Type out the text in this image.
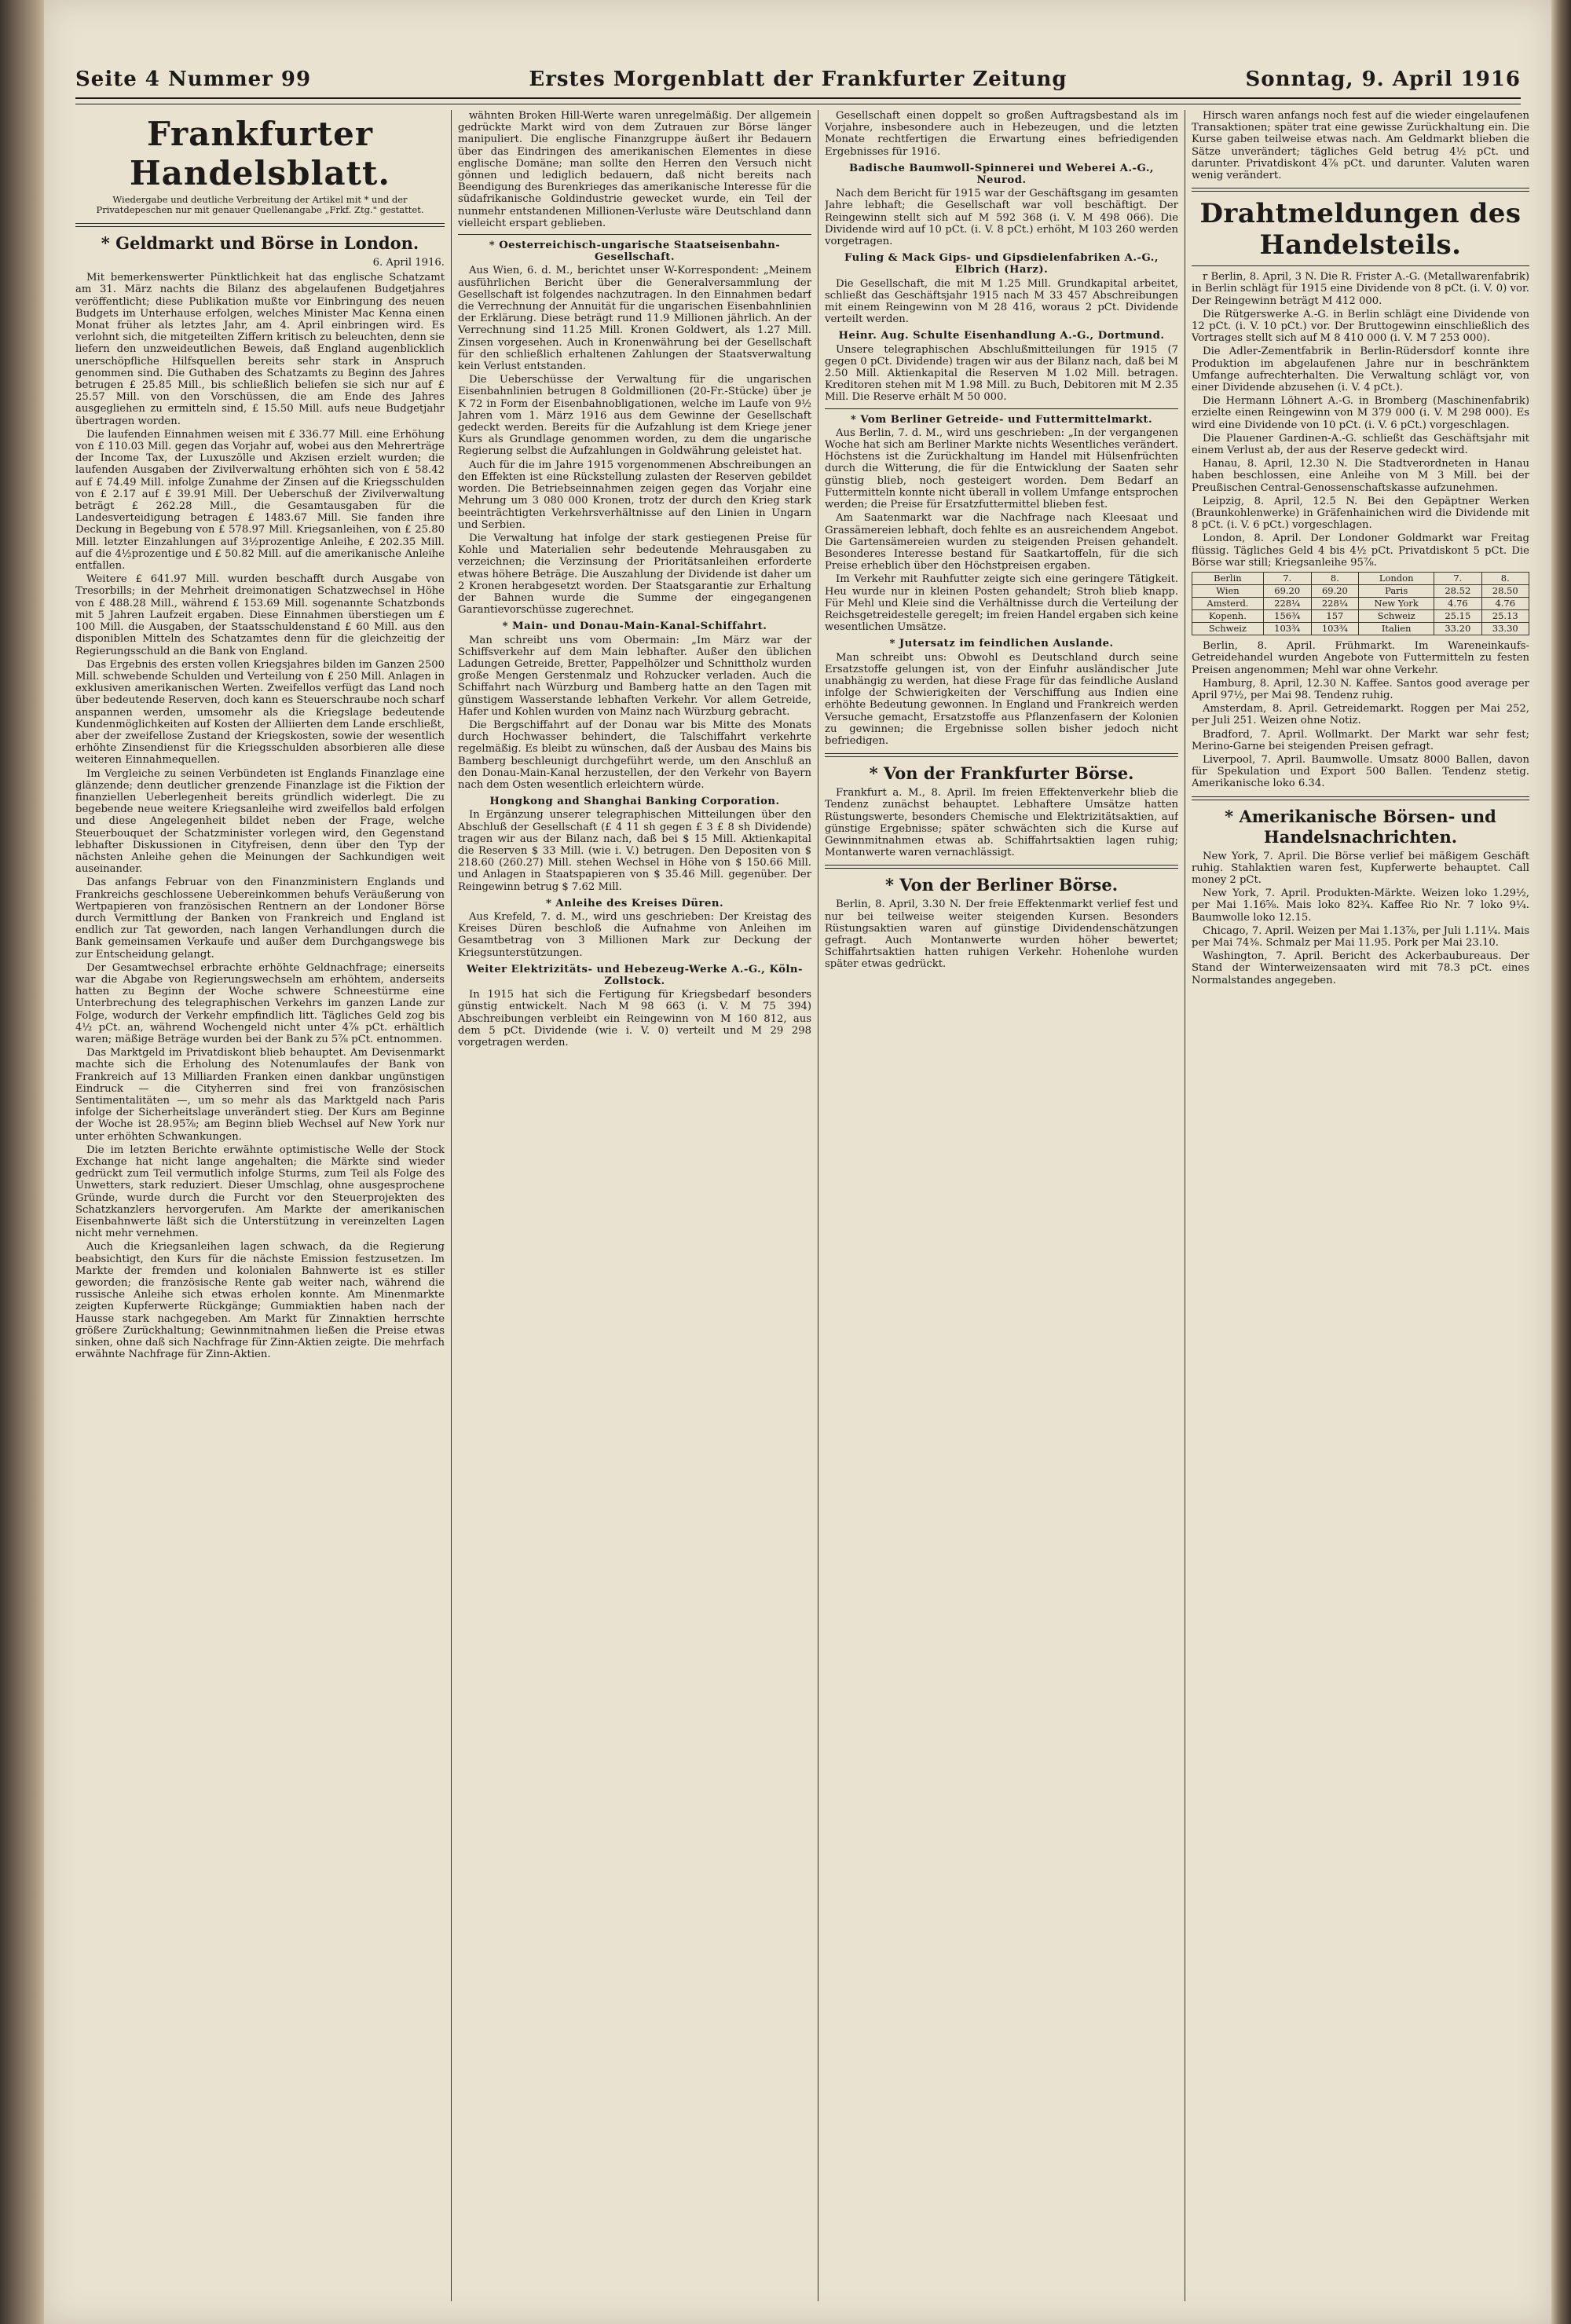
Seite 4 Nummer 99	Erstes Morgenblatt der Frankfurter Zeitung	Sonntag, 9. April 1916
Frankfurter Handelsblatt.
Wiedergabe und deutliche Verbreitung der Artikel mit * und der Privatdepeschen nur mit genauer Quellenangabe „Frkf. Ztg." gestattet.
* Geldmarkt und Börse in London.
6. April 1916.

Mit bemerkenswerter Pünktlichkeit hat das englische Schatzamt am 31. März nachts die Bilanz des abgelaufenen Budgetjahres veröffentlicht; diese Publikation mußte vor Einbringung des neuen Budgets im Unterhause erfolgen, welches Minister Mac Kenna einen Monat früher als letztes Jahr, am 4. April einbringen wird. Es verlohnt sich, die mitgeteilten Ziffern kritisch zu beleuchten, denn sie liefern den unzweideutlichen Beweis, daß England augenblicklich unerschöpfliche Hilfsquellen bereits sehr stark in Anspruch genommen sind. Die Guthaben des Schatzamts zu Beginn des Jahres betrugen £ 25.85 Mill., bis schließlich beliefen sie sich nur auf £ 25.57 Mill. von den Vorschüssen, die am Ende des Jahres ausgegliehen zu ermitteln sind, £ 15.50 Mill. aufs neue Budgetjahr übertragen worden.

Die laufenden Einnahmen weisen mit £ 336.77 Mill. eine Erhöhung von £ 110.03 Mill. gegen das Vorjahr auf, wobei aus den Mehrerträge der Income Tax, der Luxuszölle und Akzisen erzielt wurden; die laufenden Ausgaben der Zivilverwaltung erhöhten sich von £ 58.42 auf £ 74.49 Mill. infolge Zunahme der Zinsen auf die Kriegsschulden von £ 2.17 auf £ 39.91 Mill. Der Ueberschuß der Zivilverwaltung beträgt £ 262.28 Mill., die Gesamtausgaben für die Landesverteidigung betragen £ 1483.67 Mill. Sie fanden ihre Deckung in Begebung von £ 578.97 Mill. Kriegsanleihen, von £ 25.80 Mill. letzter Einzahlungen auf 3½prozentige Anleihe, £ 202.35 Mill. auf die 4½prozentige und £ 50.82 Mill. auf die amerikanische Anleihe entfallen.

Weitere £ 641.97 Mill. wurden beschafft durch Ausgabe von Tresorbills; in der Mehrheit dreimonatigen Schatzwechsel in Höhe von £ 488.28 Mill., während £ 153.69 Mill. sogenannte Schatzbonds mit 5 Jahren Laufzeit ergaben. Diese Einnahmen überstiegen um £ 100 Mill. die Ausgaben, der Staatsschuldenstand £ 60 Mill. aus den disponiblen Mitteln des Schatzamtes denn für die gleichzeitig der Regierungsschuld an die Bank von England.

Das Ergebnis des ersten vollen Kriegsjahres bilden im Ganzen 2500 Mill. schwebende Schulden und Verteilung von £ 250 Mill. Anlagen in exklusiven amerikanischen Werten. Zweifellos verfügt das Land noch über bedeutende Reserven, doch kann es Steuerschraube noch scharf anspannen werden, umsomehr als die Kriegslage bedeutende Kundenmöglichkeiten auf Kosten der Alliierten dem Lande erschließt, aber der zweifellose Zustand der Kriegskosten, sowie der wesentlich erhöhte Zinsendienst für die Kriegsschulden absorbieren alle diese weiteren Einnahmequellen.

Im Vergleiche zu seinen Verbündeten ist Englands Finanzlage eine glänzende; denn deutlicher grenzende Finanzlage ist die Fiktion der finanziellen Ueberlegenheit bereits gründlich widerlegt. Die zu begebende neue weitere Kriegsanleihe wird zweifellos bald erfolgen und diese Angelegenheit bildet neben der Frage, welche Steuerbouquet der Schatzminister vorlegen wird, den Gegenstand lebhafter Diskussionen in Cityfreisen, denn über den Typ der nächsten Anleihe gehen die Meinungen der Sachkundigen weit auseinander.

Das anfangs Februar von den Finanzministern Englands und Frankreichs geschlossene Uebereinkommen behufs Veräußerung von Wertpapieren von französischen Rentnern an der Londoner Börse durch Vermittlung der Banken von Frankreich und England ist endlich zur Tat geworden, nach langen Verhandlungen durch die Bank gemeinsamen Verkaufe und außer dem Durchgangswege bis zur Entscheidung gelangt.

Der Gesamtwechsel erbrachte erhöhte Geldnachfrage; einerseits war die Abgabe von Regierungswechseln am erhöhtem, anderseits hatten zu Beginn der Woche schwere Schneestürme eine Unterbrechung des telegraphischen Verkehrs im ganzen Lande zur Folge, wodurch der Verkehr empfindlich litt. Tägliches Geld zog bis 4½ pCt. an, während Wochengeld nicht unter 4⅞ pCt. erhältlich waren; mäßige Beträge wurden bei der Bank zu 5⅞ pCt. entnommen.

Das Marktgeld im Privatdiskont blieb behauptet. Am Devisenmarkt machte sich die Erholung des Notenumlaufes der Bank von Frankreich auf 13 Milliarden Franken einen dankbar ungünstigen Eindruck — die Cityherren sind frei von französischen Sentimentalitäten —, um so mehr als das Marktgeld nach Paris infolge der Sicherheitslage unverändert stieg. Der Kurs am Beginne der Woche ist 28.95⅞; am Beginn blieb Wechsel auf New York nur unter erhöhten Schwankungen.

Die im letzten Berichte erwähnte optimistische Welle der Stock Exchange hat nicht lange angehalten; die Märkte sind wieder gedrückt zum Teil vermutlich infolge Sturms, zum Teil als Folge des Unwetters, stark reduziert. Dieser Umschlag, ohne ausgesprochene Gründe, wurde durch die Furcht vor den Steuerprojekten des Schatzkanzlers hervorgerufen. Am Markte der amerikanischen Eisenbahnwerte läßt sich die Unterstützung in vereinzelten Lagen nicht mehr vernehmen.

Auch die Kriegsanleihen lagen schwach, da die Regierung beabsichtigt, den Kurs für die nächste Emission festzusetzen. Im Markte der fremden und kolonialen Bahnwerte ist es stiller geworden; die französische Rente gab weiter nach, während die russische Anleihe sich etwas erholen konnte. Am Minenmarkte zeigten Kupferwerte Rückgänge; Gummiaktien haben nach der Hausse stark nachgegeben. Am Markt für Zinnaktien herrschte größere Zurückhaltung; Gewinnmitnahmen ließen die Preise etwas sinken, ohne daß sich Nachfrage für Zinn-Aktien zeigte. Die mehrfach erwähnte Nachfrage für Zinn-Aktien.

wähnten Broken Hill-Werte waren unregelmäßig. Der allgemein gedrückte Markt wird von dem Zutrauen zur Börse länger manipuliert. Die englische Finanzgruppe äußert ihr Bedauern über das Eindringen des amerikanischen Elementes in diese englische Domäne; man sollte den Herren den Versuch nicht gönnen und lediglich bedauern, daß nicht bereits nach Beendigung des Burenkrieges das amerikanische Interesse für die südafrikanische Goldindustrie gewecket wurde, ein Teil der nunmehr entstandenen Millionen-Verluste wäre Deutschland dann vielleicht erspart geblieben.

* Oesterreichisch-ungarische Staatseisenbahn-Gesellschaft.

Aus Wien, 6. d. M., berichtet unser W-Korrespondent: „Meinem ausführlichen Bericht über die Generalversammlung der Gesellschaft ist folgendes nachzutragen. In den Einnahmen bedarf die Verrechnung der Annuität für die ungarischen Eisenbahnlinien der Erklärung. Diese beträgt rund 11.9 Millionen jährlich. An der Verrechnung sind 11.25 Mill. Kronen Goldwert, als 1.27 Mill. Zinsen vorgesehen. Auch in Kronenwährung bei der Gesellschaft für den schließlich erhaltenen Zahlungen der Staatsverwaltung kein Verlust entstanden.

Die Ueberschüsse der Verwaltung für die ungarischen Eisenbahnlinien betrugen 8 Goldmillionen (20-Fr.-Stücke) über je K 72 in Form der Eisenbahnobligationen, welche im Laufe von 9½ Jahren vom 1. März 1916 aus dem Gewinne der Gesellschaft gedeckt werden. Bereits für die Aufzahlung ist dem Kriege jener Kurs als Grundlage genommen worden, zu dem die ungarische Regierung selbst die Aufzahlungen in Goldwährung geleistet hat.

Auch für die im Jahre 1915 vorgenommenen Abschreibungen an den Effekten ist eine Rückstellung zulasten der Reserven gebildet worden. Die Betriebseinnahmen zeigen gegen das Vorjahr eine Mehrung um 3 080 000 Kronen, trotz der durch den Krieg stark beeinträchtigten Verkehrsverhältnisse auf den Linien in Ungarn und Serbien.

Die Verwaltung hat infolge der stark gestiegenen Preise für Kohle und Materialien sehr bedeutende Mehrausgaben zu verzeichnen; die Verzinsung der Prioritätsanleihen erforderte etwas höhere Beträge. Die Auszahlung der Dividende ist daher um 2 Kronen herabgesetzt worden. Der Staatsgarantie zur Erhaltung der Bahnen wurde die Summe der eingegangenen Garantievorschüsse zugerechnet.

* Main- und Donau-Main-Kanal-Schiffahrt.

Man schreibt uns vom Obermain: „Im März war der Schiffsverkehr auf dem Main lebhafter. Außer den üblichen Ladungen Getreide, Bretter, Pappelhölzer und Schnittholz wurden große Mengen Gerstenmalz und Rohzucker verladen. Auch die Schiffahrt nach Würzburg und Bamberg hatte an den Tagen mit günstigem Wasserstande lebhaften Verkehr. Vor allem Getreide, Hafer und Kohlen wurden von Mainz nach Würzburg gebracht.

Die Bergschiffahrt auf der Donau war bis Mitte des Monats durch Hochwasser behindert, die Talschiffahrt verkehrte regelmäßig. Es bleibt zu wünschen, daß der Ausbau des Mains bis Bamberg beschleunigt durchgeführt werde, um den Anschluß an den Donau-Main-Kanal herzustellen, der den Verkehr von Bayern nach dem Osten wesentlich erleichtern würde.

Hongkong and Shanghai Banking Corporation.

In Ergänzung unserer telegraphischen Mitteilungen über den Abschluß der Gesellschaft (£ 4 11 sh gegen £ 3 £ 8 sh Dividende) tragen wir aus der Bilanz nach, daß bei $ 15 Mill. Aktienkapital die Reserven $ 33 Mill. (wie i. V.) betrugen. Den Depositen von $ 218.60 (260.27) Mill. stehen Wechsel in Höhe von $ 150.66 Mill. und Anlagen in Staatspapieren von $ 35.46 Mill. gegenüber. Der Reingewinn betrug $ 7.62 Mill.

* Anleihe des Kreises Düren.

Aus Krefeld, 7. d. M., wird uns geschrieben: Der Kreistag des Kreises Düren beschloß die Aufnahme von Anleihen im Gesamtbetrag von 3 Millionen Mark zur Deckung der Kriegsunterstützungen.

Weiter Elektrizitäts- und Hebezeug-Werke A.-G., Köln-Zollstock.

In 1915 hat sich die Fertigung für Kriegsbedarf besonders günstig entwickelt. Nach M 98 663 (i. V. M 75 394) Abschreibungen verbleibt ein Reingewinn von M 160 812, aus dem 5 pCt. Dividende (wie i. V. 0) verteilt und M 29 298 vorgetragen werden.

Gesellschaft einen doppelt so großen Auftragsbestand als im Vorjahre, insbesondere auch in Hebezeugen, und die letzten Monate rechtfertigen die Erwartung eines befriedigenden Ergebnisses für 1916.

Badische Baumwoll-Spinnerei und Weberei A.-G., Neurod.

Nach dem Bericht für 1915 war der Geschäftsgang im gesamten Jahre lebhaft; die Gesellschaft war voll beschäftigt. Der Reingewinn stellt sich auf M 592 368 (i. V. M 498 066). Die Dividende wird auf 10 pCt. (i. V. 8 pCt.) erhöht, M 103 260 werden vorgetragen.

Fuling & Mack Gips- und Gipsdielenfabriken A.-G., Elbrich (Harz).

Die Gesellschaft, die mit M 1.25 Mill. Grundkapital arbeitet, schließt das Geschäftsjahr 1915 nach M 33 457 Abschreibungen mit einem Reingewinn von M 28 416, woraus 2 pCt. Dividende verteilt werden.

Heinr. Aug. Schulte Eisenhandlung A.-G., Dortmund.

Unsere telegraphischen Abschlußmitteilungen für 1915 (7 gegen 0 pCt. Dividende) tragen wir aus der Bilanz nach, daß bei M 2.50 Mill. Aktienkapital die Reserven M 1.02 Mill. betragen. Kreditoren stehen mit M 1.98 Mill. zu Buch, Debitoren mit M 2.35 Mill. Die Reserve erhält M 50 000.

* Vom Berliner Getreide- und Futtermittelmarkt.

Aus Berlin, 7. d. M., wird uns geschrieben: „In der vergangenen Woche hat sich am Berliner Markte nichts Wesentliches verändert. Höchstens ist die Zurückhaltung im Handel mit Hülsenfrüchten durch die Witterung, die für die Entwicklung der Saaten sehr günstig blieb, noch gesteigert worden. Dem Bedarf an Futtermitteln konnte nicht überall in vollem Umfange entsprochen werden; die Preise für Ersatzfuttermittel blieben fest.

Am Saatenmarkt war die Nachfrage nach Kleesaat und Grassämereien lebhaft, doch fehlte es an ausreichendem Angebot. Die Gartensämereien wurden zu steigenden Preisen gehandelt. Besonderes Interesse bestand für Saatkartoffeln, für die sich Preise erheblich über den Höchstpreisen ergaben.

Im Verkehr mit Rauhfutter zeigte sich eine geringere Tätigkeit. Heu wurde nur in kleinen Posten gehandelt; Stroh blieb knapp. Für Mehl und Kleie sind die Verhältnisse durch die Verteilung der Reichsgetreidestelle geregelt; im freien Handel ergaben sich keine wesentlichen Umsätze.

* Jutersatz im feindlichen Auslande.

Man schreibt uns: Obwohl es Deutschland durch seine Ersatzstoffe gelungen ist, von der Einfuhr ausländischer Jute unabhängig zu werden, hat diese Frage für das feindliche Ausland infolge der Schwierigkeiten der Verschiffung aus Indien eine erhöhte Bedeutung gewonnen. In England und Frankreich werden Versuche gemacht, Ersatzstoffe aus Pflanzenfasern der Kolonien zu gewinnen; die Ergebnisse sollen bisher jedoch nicht befriedigen.

* Von der Frankfurter Börse.

Frankfurt a. M., 8. April. Im freien Effektenverkehr blieb die Tendenz zunächst behauptet. Lebhaftere Umsätze hatten Rüstungswerte, besonders Chemische und Elektrizitätsaktien, auf günstige Ergebnisse; später schwächten sich die Kurse auf Gewinnmitnahmen etwas ab. Schiffahrtsaktien lagen ruhig; Montanwerte waren vernachlässigt.

* Von der Berliner Börse.

Berlin, 8. April, 3.30 N. Der freie Effektenmarkt verlief fest und nur bei teilweise weiter steigenden Kursen. Besonders Rüstungsaktien waren auf günstige Dividendenschätzungen gefragt. Auch Montanwerte wurden höher bewertet; Schiffahrtsaktien hatten ruhigen Verkehr. Hohenlohe wurden später etwas gedrückt.

Hirsch waren anfangs noch fest auf die wieder eingelaufenen Transaktionen; später trat eine gewisse Zurückhaltung ein. Die Kurse gaben teilweise etwas nach. Am Geldmarkt blieben die Sätze unverändert; tägliches Geld betrug 4½ pCt. und darunter. Privatdiskont 4⅞ pCt. und darunter. Valuten waren wenig verändert.

Drahtmeldungen des Handelsteils.

r Berlin, 8. April, 3 N. Die R. Frister A.-G. (Metallwarenfabrik) in Berlin schlägt für 1915 eine Dividende von 8 pCt. (i. V. 0) vor. Der Reingewinn beträgt M 412 000.

Die Rütgerswerke A.-G. in Berlin schlägt eine Dividende von 12 pCt. (i. V. 10 pCt.) vor. Der Bruttogewinn einschließlich des Vortrages stellt sich auf M 8 410 000 (i. V. M 7 253 000).

Die Adler-Zementfabrik in Berlin-Rüdersdorf konnte ihre Produktion im abgelaufenen Jahre nur in beschränktem Umfange aufrechterhalten. Die Verwaltung schlägt vor, von einer Dividende abzusehen (i. V. 4 pCt.).

Die Hermann Löhnert A.-G. in Bromberg (Maschinenfabrik) erzielte einen Reingewinn von M 379 000 (i. V. M 298 000). Es wird eine Dividende von 10 pCt. (i. V. 6 pCt.) vorgeschlagen.

Die Plauener Gardinen-A.-G. schließt das Geschäftsjahr mit einem Verlust ab, der aus der Reserve gedeckt wird.

Hanau, 8. April, 12.30 N. Die Stadtverordneten in Hanau haben beschlossen, eine Anleihe von M 3 Mill. bei der Preußischen Central-Genossenschaftskasse aufzunehmen.

Leipzig, 8. April, 12.5 N. Bei den Gepäptner Werken (Braunkohlenwerke) in Gräfenhainichen wird die Dividende mit 8 pCt. (i. V. 6 pCt.) vorgeschlagen.

London, 8. April. Der Londoner Goldmarkt war Freitag flüssig. Tägliches Geld 4 bis 4½ pCt. Privatdiskont 5 pCt. Die Börse war still; Kriegsanleihe 95⅞.

Berlin	7.	8.	London	7.	8.
Wien	69.20	69.20	Paris	28.52	28.50
Amsterd.	228¼	228¼	New York	4.76	4.76
Kopenh.	156¾	157	Schweiz	25.15	25.13
Schweiz	103¾	103¾	Italien	33.20	33.30

Berlin, 8. April. Frühmarkt. Im Wareneinkaufs-Getreidehandel wurden Angebote von Futtermitteln zu festen Preisen angenommen; Mehl war ohne Verkehr.

Hamburg, 8. April, 12.30 N. Kaffee. Santos good average per April 97½, per Mai 98. Tendenz ruhig.

Amsterdam, 8. April. Getreidemarkt. Roggen per Mai 252, per Juli 251. Weizen ohne Notiz.

Bradford, 7. April. Wollmarkt. Der Markt war sehr fest; Merino-Garne bei steigenden Preisen gefragt.

Liverpool, 7. April. Baumwolle. Umsatz 8000 Ballen, davon für Spekulation und Export 500 Ballen. Tendenz stetig. Amerikanische loko 6.34.

* Amerikanische Börsen- und Handelsnachrichten.

New York, 7. April. Die Börse verlief bei mäßigem Geschäft ruhig. Stahlaktien waren fest, Kupferwerte behauptet. Call money 2 pCt.

New York, 7. April. Produkten-Märkte. Weizen loko 1.29½, per Mai 1.16⅝. Mais loko 82¾. Kaffee Rio Nr. 7 loko 9¼. Baumwolle loko 12.15.

Chicago, 7. April. Weizen per Mai 1.13⅞, per Juli 1.11¼. Mais per Mai 74⅜. Schmalz per Mai 11.95. Pork per Mai 23.10.

Washington, 7. April. Bericht des Ackerbaubureaus. Der Stand der Winterweizensaaten wird mit 78.3 pCt. eines Normalstandes angegeben.
